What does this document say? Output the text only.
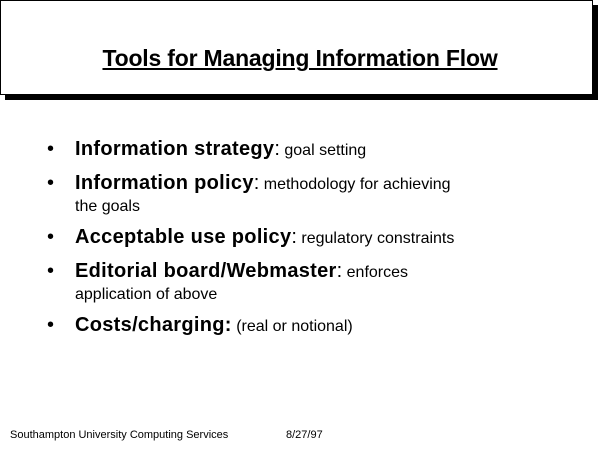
Tools for Managing Information Flow
• Information strategy: goal setting
• Information policy: methodology for achieving
the goals
• Acceptable use policy: regulatory constraints
• Editorial board/Webmaster: enforces
application of above
• Costs/charging: (real or notional)
Southampton University Computing Services	8/27/97
